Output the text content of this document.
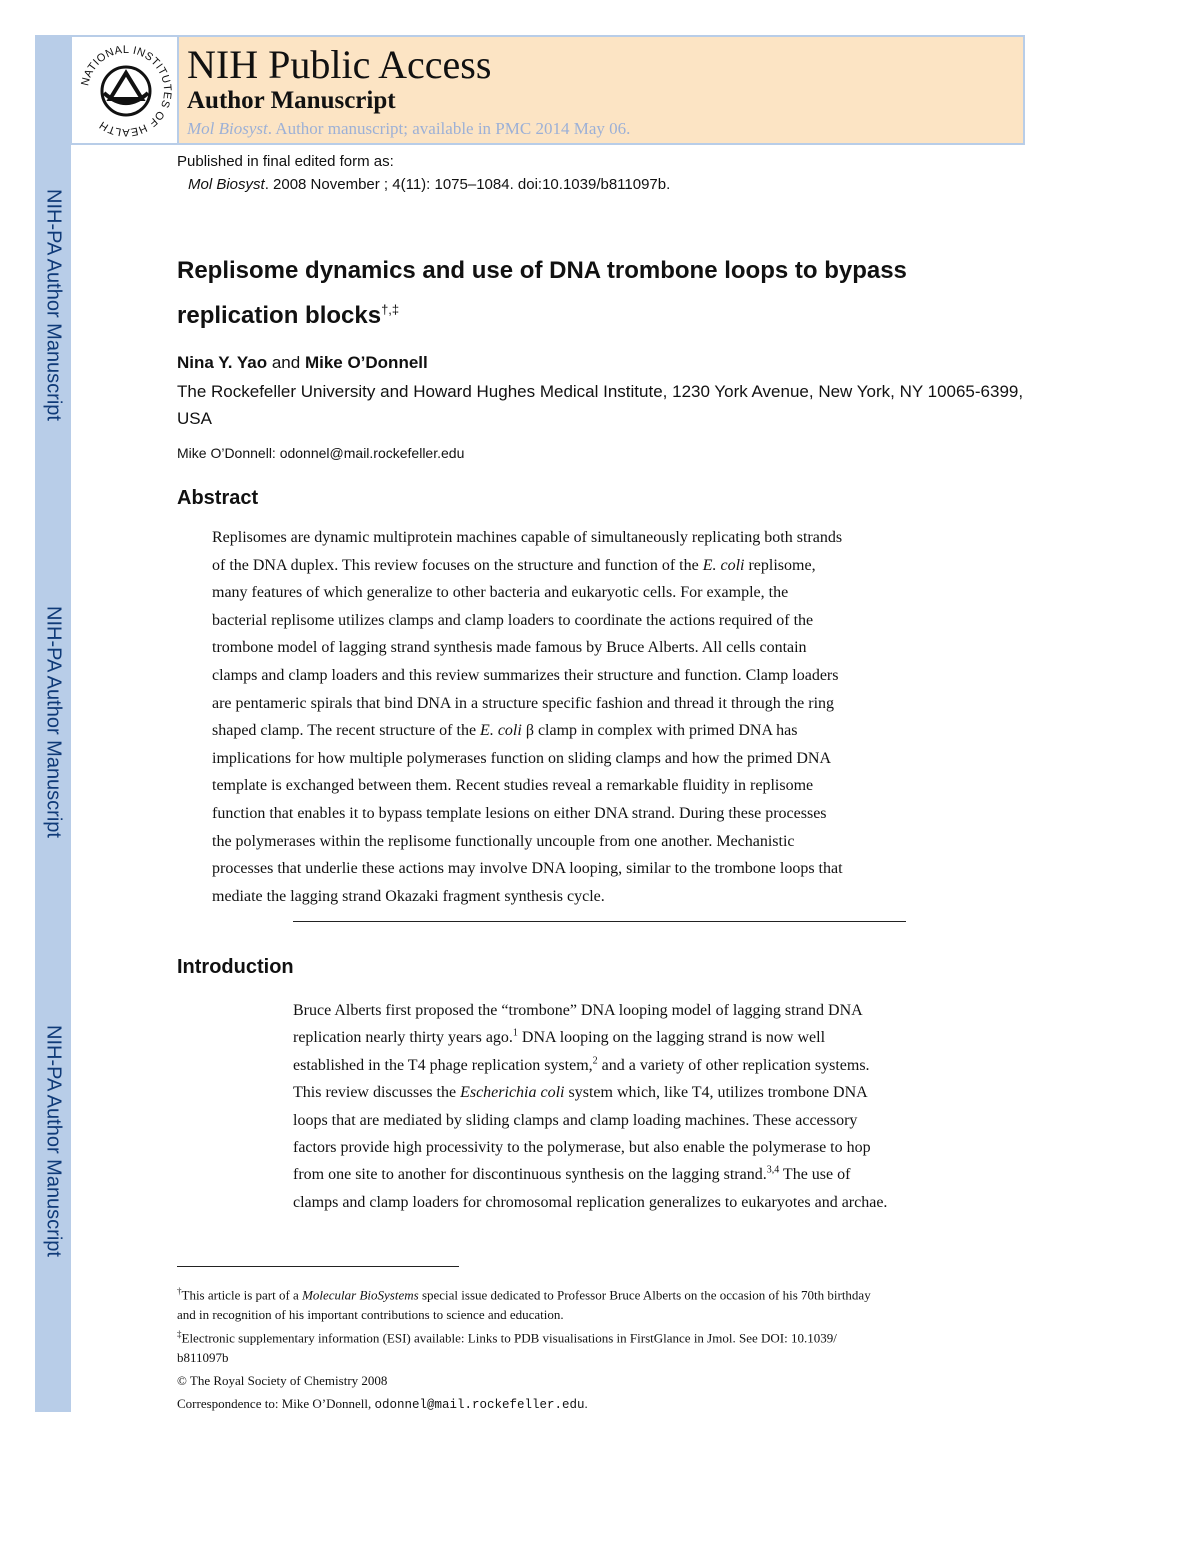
NIH-PA Author Manuscript
NIH-PA Author Manuscript
NIH-PA Author Manuscript
NATIONAL INSTITUTES OF HEALTH
NIH Public Access
Author Manuscript
Mol Biosyst. Author manuscript; available in PMC 2014 May 06.
Published in final edited form as:
Mol Biosyst. 2008 November ; 4(11): 1075–1084. doi:10.1039/b811097b.
Replisome dynamics and use of DNA trombone loops to bypass
replication blocks†,‡
Nina Y. Yao and Mike O’Donnell
The Rockefeller University and Howard Hughes Medical Institute, 1230 York Avenue, New York, NY 10065-6399, USA
Mike O’Donnell: odonnel@mail.rockefeller.edu
Abstract
Replisomes are dynamic multiprotein machines capable of simultaneously replicating both strands
of the DNA duplex. This review focuses on the structure and function of the E. coli replisome,
many features of which generalize to other bacteria and eukaryotic cells. For example, the
bacterial replisome utilizes clamps and clamp loaders to coordinate the actions required of the
trombone model of lagging strand synthesis made famous by Bruce Alberts. All cells contain
clamps and clamp loaders and this review summarizes their structure and function. Clamp loaders
are pentameric spirals that bind DNA in a structure specific fashion and thread it through the ring
shaped clamp. The recent structure of the E. coli β clamp in complex with primed DNA has
implications for how multiple polymerases function on sliding clamps and how the primed DNA
template is exchanged between them. Recent studies reveal a remarkable fluidity in replisome
function that enables it to bypass template lesions on either DNA strand. During these processes
the polymerases within the replisome functionally uncouple from one another. Mechanistic
processes that underlie these actions may involve DNA looping, similar to the trombone loops that
mediate the lagging strand Okazaki fragment synthesis cycle.
Introduction
Bruce Alberts first proposed the “trombone” DNA looping model of lagging strand DNA
replication nearly thirty years ago.$^1$ DNA looping on the lagging strand is now well
established in the T4 phage replication system,$^2$ and a variety of other replication systems.
This review discusses the Escherichia coli system which, like T4, utilizes trombone DNA
loops that are mediated by sliding clamps and clamp loading machines. These accessory
factors provide high processivity to the polymerase, but also enable the polymerase to hop
from one site to another for discontinuous synthesis on the lagging strand.$^{3,4}$ The use of
clamps and clamp loaders for chromosomal replication generalizes to eukaryotes and archae.
†This article is part of a Molecular BioSystems special issue dedicated to Professor Bruce Alberts on the occasion of his 70th birthday
and in recognition of his important contributions to science and education.
‡Electronic supplementary information (ESI) available: Links to PDB visualisations in FirstGlance in Jmol. See DOI: 10.1039/
b811097b
© The Royal Society of Chemistry 2008
Correspondence to: Mike O’Donnell, odonnel@mail.rockefeller.edu.
